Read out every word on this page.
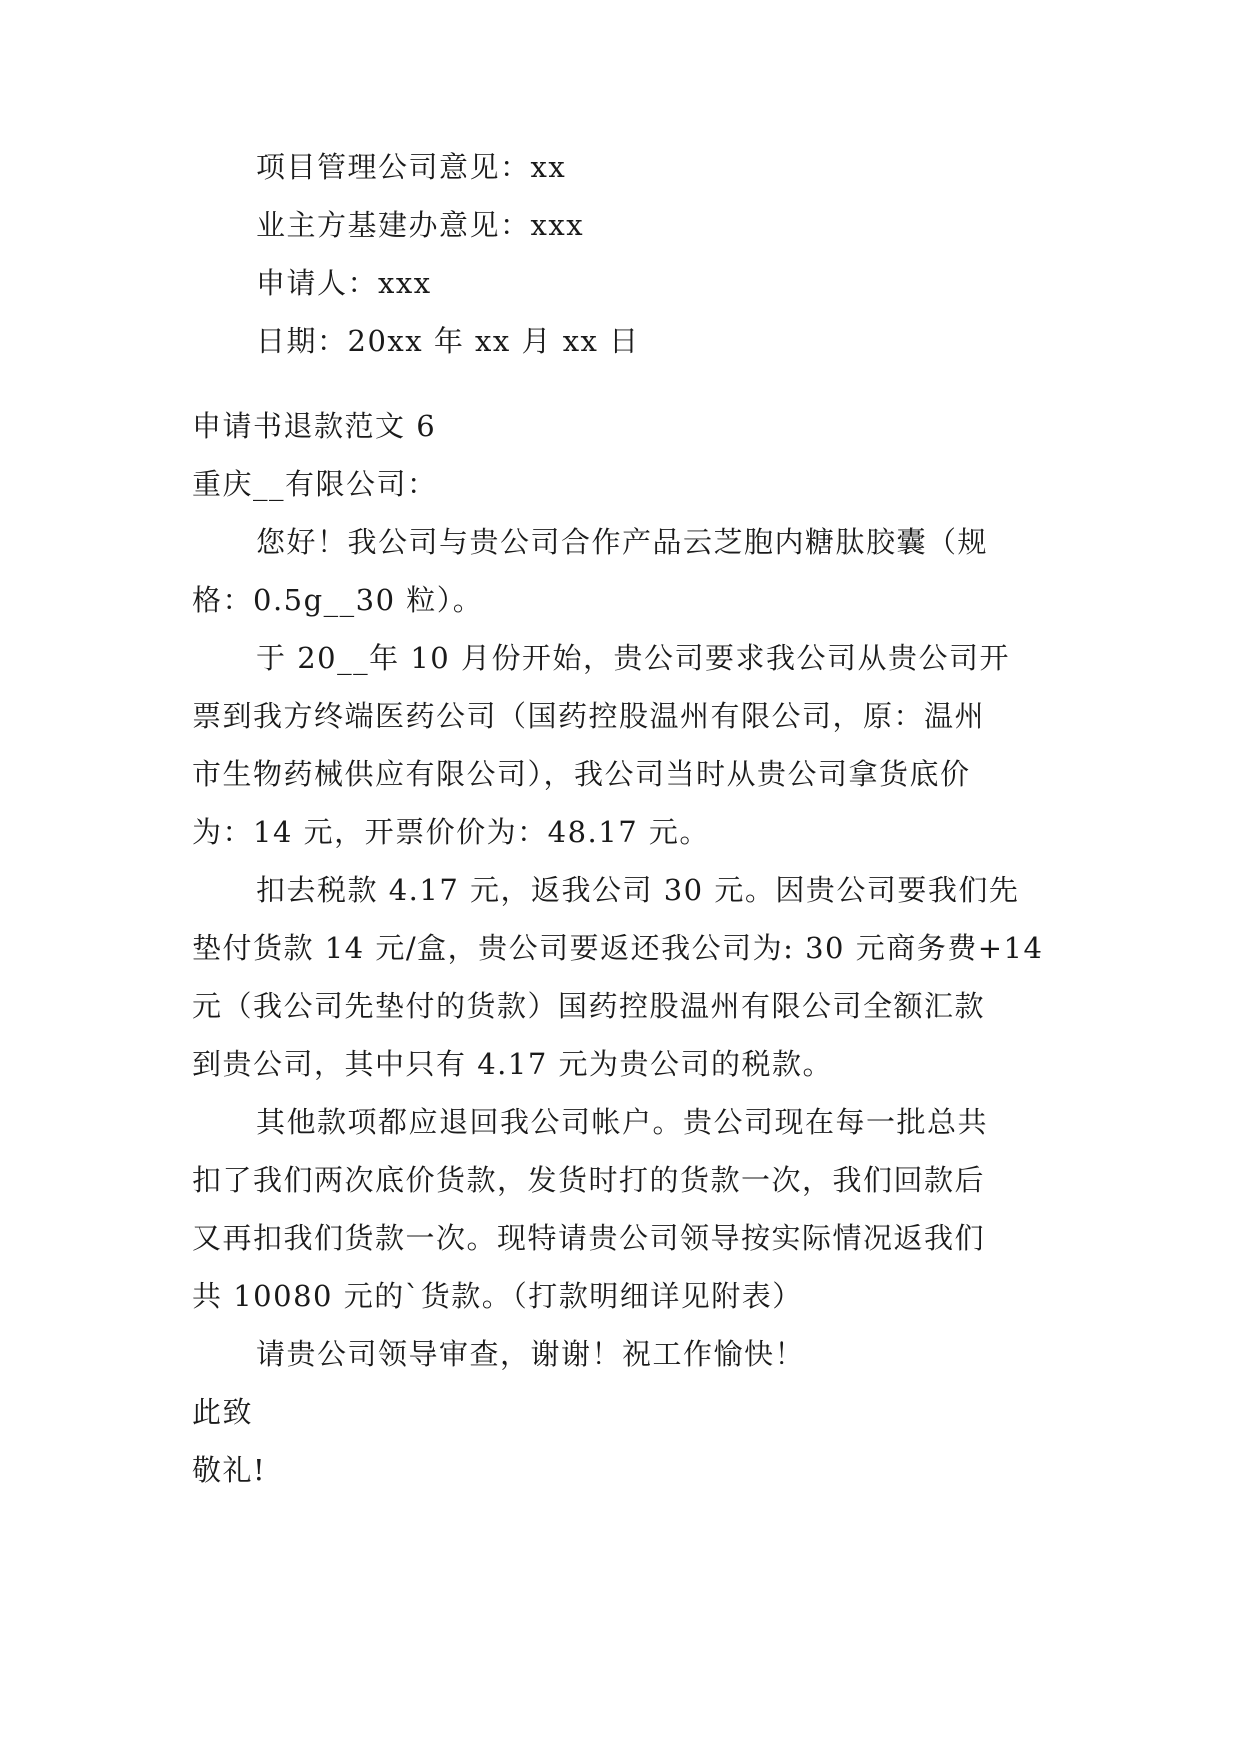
项目管理公司意见：xx
业主方基建办意见：xxx
申请人：xxx
日期：20xx 年 xx 月 xx 日
申请书退款范文 6
重庆__有限公司：
您好！我公司与贵公司合作产品云芝胞内糖肽胶囊（规
格：0.5g__30 粒）。
于 20__年 10 月份开始，贵公司要求我公司从贵公司开
票到我方终端医药公司（国药控股温州有限公司，原：温州
市生物药械供应有限公司），我公司当时从贵公司拿货底价
为：14 元，开票价价为：48.17 元。
扣去税款 4.17 元，返我公司 30 元。因贵公司要我们先
垫付货款 14 元/盒，贵公司要返还我公司为: 30 元商务费+14
元（我公司先垫付的货款）国药控股温州有限公司全额汇款
到贵公司，其中只有 4.17 元为贵公司的税款。
其他款项都应退回我公司帐户。贵公司现在每一批总共
扣了我们两次底价货款，发货时打的货款一次，我们回款后
又再扣我们货款一次。现特请贵公司领导按实际情况返我们
共 10080 元的`货款。（打款明细详见附表）
请贵公司领导审查，谢谢！祝工作愉快！
此致
敬礼!
